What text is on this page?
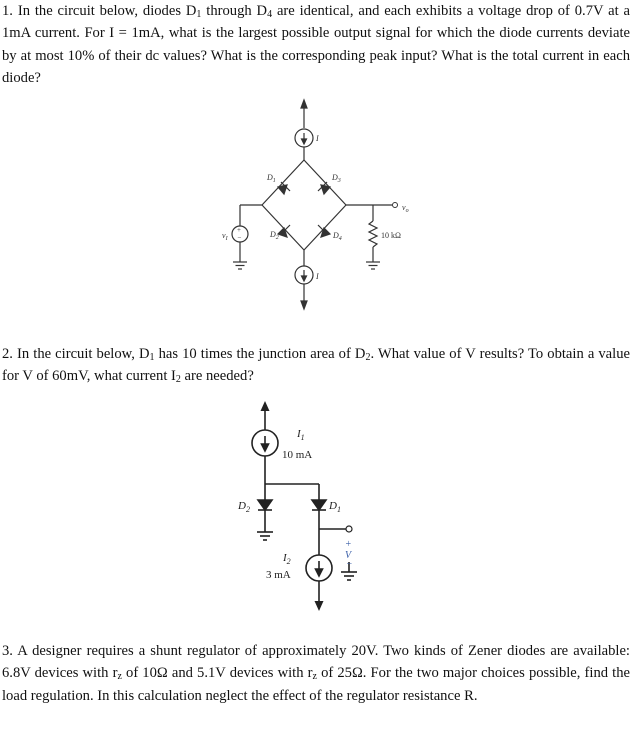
1. In the circuit below, diodes $D_1$ through $D_4$ are identical, and each exhibits a voltage drop of 0.7V at a 1mA current. For I = 1mA, what is the largest possible output signal for which the diode currents deviate by at most 10% of their dc values? What is the corresponding peak input? What is the total current in each diode?
$D_1$	$D_3$
$D_2$	$D_4$
I
I
$v_I$
$v_o$
10 kΩ
+
−
2. In the circuit below, $D_1$ has 10 times the junction area of $D_2$. What value of V results? To obtain a value for V of 60mV, what current $I_2$ are needed?
$I_1$
10 mA
$I_2$
3 mA
$D_2$	$D_1$
+
V
−
3. A designer requires a shunt regulator of approximately 20V. Two kinds of Zener diodes are available: 6.8V devices with $r_z$ of 10Ω and 5.1V devices with $r_z$ of 25Ω. For the two major choices possible, find the load regulation. In this calculation neglect the effect of the regulator resistance R.
